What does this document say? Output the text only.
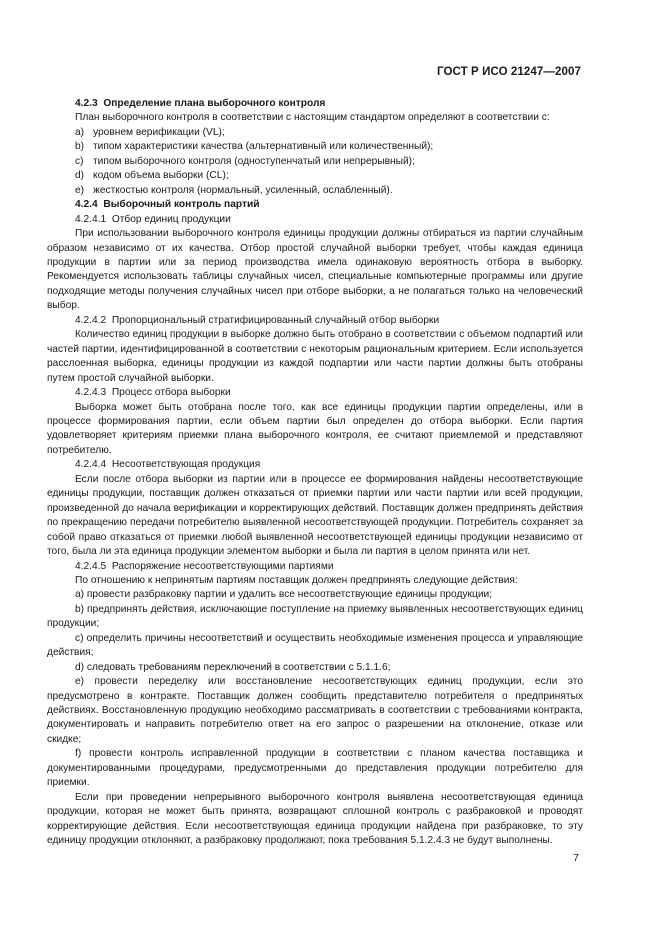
ГОСТ Р ИСО 21247—2007

4.2.3 Определение плана выборочного контроля

План выборочного контроля в соответствии с настоящим стандартом определяют в соответствии с:

a) уровнем верификации (VL);

b) типом характеристики качества (альтернативный или количественный);

c) типом выборочного контроля (одноступенчатый или непрерывный);

d) кодом объема выборки (CL);

e) жесткостью контроля (нормальный, усиленный, ослабленный).

4.2.4 Выборочный контроль партий

4.2.4.1 Отбор единиц продукции

При использовании выборочного контроля единицы продукции должны отбираться из партии случайным образом независимо от их качества. Отбор простой случайной выборки требует, чтобы каждая единица продукции в партии или за период производства имела одинаковую вероятность отбора в выборку. Рекомендуется использовать таблицы случайных чисел, специальные компьютерные программы или другие подходящие методы получения случайных чисел при отборе выборки, а не полагаться только на человеческий выбор.

4.2.4.2 Пропорциональный стратифицированный случайный отбор выборки

Количество единиц продукции в выборке должно быть отобрано в соответствии с объемом подпартий или частей партии, идентифицированной в соответствии с некоторым рациональным критерием. Если используется расслоенная выборка, единицы продукции из каждой подпартии или части партии должны быть отобраны путем простой случайной выборки.

4.2.4.3 Процесс отбора выборки

Выборка может быть отобрана после того, как все единицы продукции партии определены, или в процессе формирования партии, если объем партии был определен до отбора выборки. Если партия удовлетворяет критериям приемки плана выборочного контроля, ее считают приемлемой и представляют потребителю.

4.2.4.4 Несоответствующая продукция

Если после отбора выборки из партии или в процессе ее формирования найдены несоответствующие единицы продукции, поставщик должен отказаться от приемки партии или части партии или всей продукции, произведенной до начала верификации и корректирующих действий. Поставщик должен предпринять действия по прекращению передачи потребителю выявленной несоответствующей продукции. Потребитель сохраняет за собой право отказаться от приемки любой выявленной несоответствующей единицы продукции независимо от того, была ли эта единица продукции элементом выборки и была ли партия в целом принята или нет.

4.2.4.5 Распоряжение несоответствующими партиями

По отношению к непринятым партиям поставщик должен предпринять следующие действия:

a) провести разбраковку партии и удалить все несоответствующие единицы продукции;

b) предпринять действия, исключающие поступление на приемку выявленных несоответствующих единиц продукции;

c) определить причины несоответствий и осуществить необходимые изменения процесса и управляющие действия;

d) следовать требованиям переключений в соответствии с 5.1.1.6;

e) провести переделку или восстановление несоответствующих единиц продукции, если это предусмотрено в контракте. Поставщик должен сообщить представителю потребителя о предпринятых действиях. Восстановленную продукцию необходимо рассматривать в соответствии с требованиями контракта, документировать и направить потребителю ответ на его запрос о разрешении на отклонение, отказе или скидке;

f) провести контроль исправленной продукции в соответствии с планом качества поставщика и документированными процедурами, предусмотренными до представления продукции потребителю для приемки.

Если при проведении непрерывного выборочного контроля выявлена несоответствующая единица продукции, которая не может быть принята, возвращают сплошной контроль с разбраковкой и проводят корректирующие действия. Если несоответствующая единица продукции найдена при разбраковке, то эту единицу продукции отклоняют, а разбраковку продолжают, пока требования 5.1.2.4.3 не будут выполнены.

7
